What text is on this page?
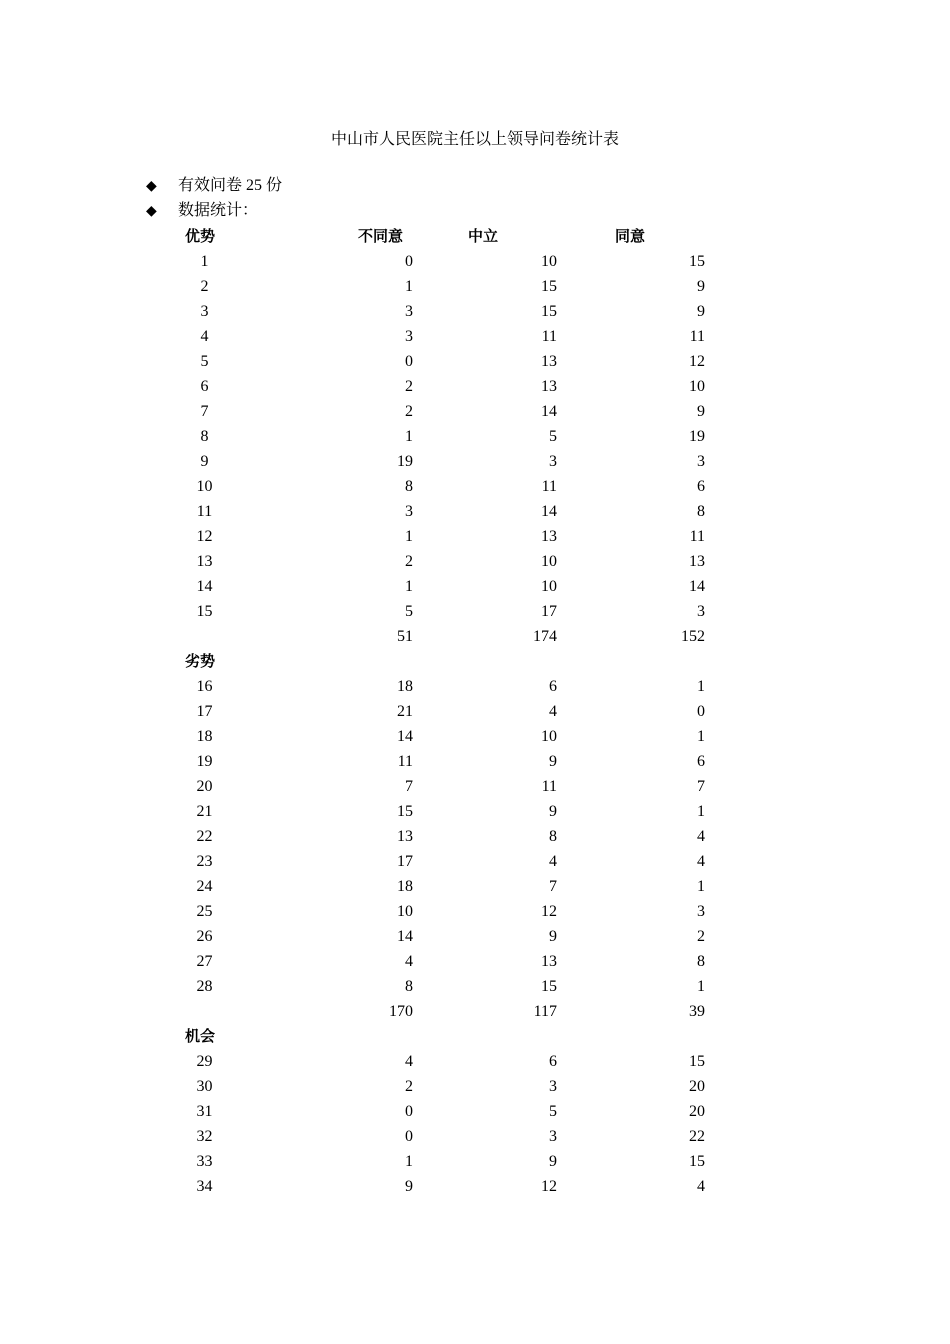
中山市人民医院主任以上领导问卷统计表
◆ 有效问卷 25 份
◆ 数据统计：
优势	不同意	中立	同意
1	0	10	15
2	1	15	9
3	3	15	9
4	3	11	11
5	0	13	12
6	2	13	10
7	2	14	9
8	1	5	19
9	19	3	3
10	8	11	6
11	3	14	8
12	1	13	11
13	2	10	13
14	1	10	14
15	5	17	3
	51	174	152
劣势			
16	18	6	1
17	21	4	0
18	14	10	1
19	11	9	6
20	7	11	7
21	15	9	1
22	13	8	4
23	17	4	4
24	18	7	1
25	10	12	3
26	14	9	2
27	4	13	8
28	8	15	1
	170	117	39
机会			
29	4	6	15
30	2	3	20
31	0	5	20
32	0	3	22
33	1	9	15
34	9	12	4
